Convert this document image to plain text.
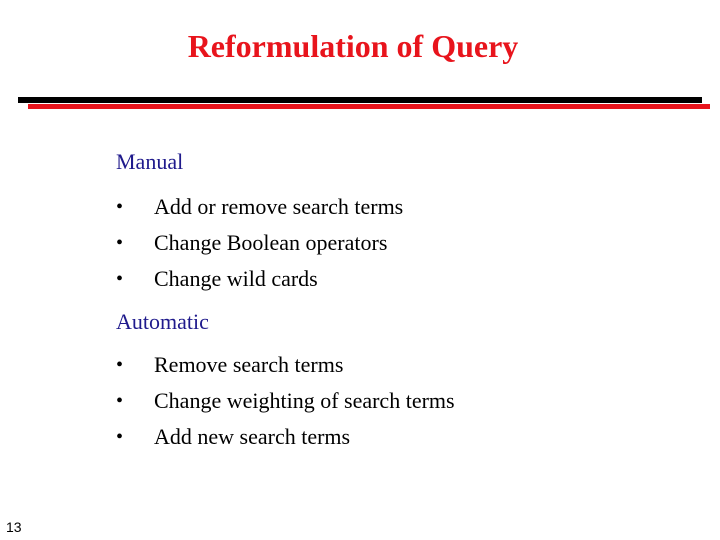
Reformulation of Query
Manual
•	Add or remove search terms
•	Change Boolean operators
•	Change wild cards
Automatic
•	Remove search terms
•	Change weighting of search terms
•	Add new search terms
13
